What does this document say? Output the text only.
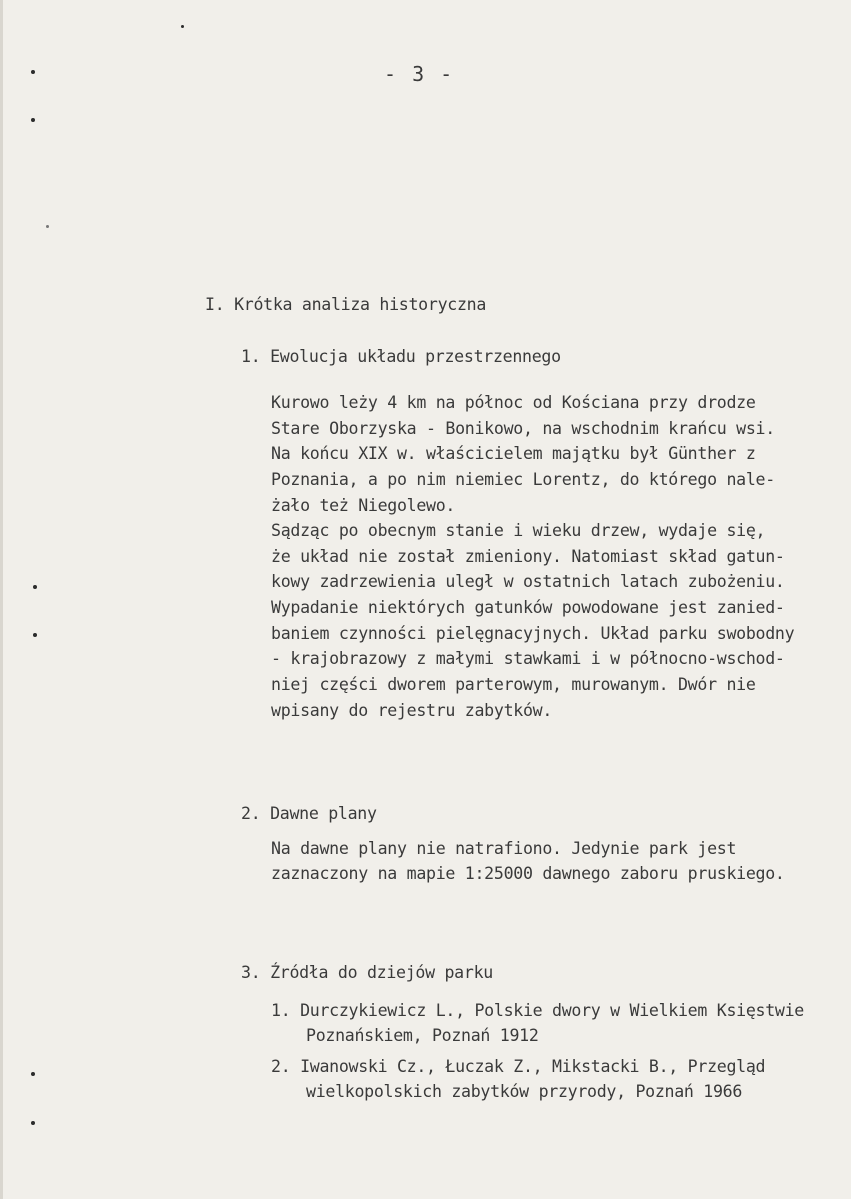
- 3 -
I. Krótka analiza historyczna
1. Ewolucja układu przestrzennego
Kurowo leży 4 km na północ od Kościana przy drodze
Stare Oborzyska - Bonikowo, na wschodnim krańcu wsi.
Na końcu XIX w. właścicielem majątku był Günther z
Poznania, a po nim niemiec Lorentz, do którego nale-
żało też Niegolewo.
Sądząc po obecnym stanie i wieku drzew, wydaje się,
że układ nie został zmieniony. Natomiast skład gatun-
kowy zadrzewienia uległ w ostatnich latach zubożeniu.
Wypadanie niektórych gatunków powodowane jest zanied-
baniem czynności pielęgnacyjnych. Układ parku swobodny
- krajobrazowy z małymi stawkami i w północno-wschod-
niej części dworem parterowym, murowanym. Dwór nie
wpisany do rejestru zabytków.
2. Dawne plany
Na dawne plany nie natrafiono. Jedynie park jest
zaznaczony na mapie 1:25000 dawnego zaboru pruskiego.
3. Źródła do dziejów parku
1. Durczykiewicz L., Polskie dwory w Wielkiem Księstwie
Poznańskiem, Poznań 1912
2. Iwanowski Cz., Łuczak Z., Mikstacki B., Przegląd
wielkopolskich zabytków przyrody, Poznań 1966
